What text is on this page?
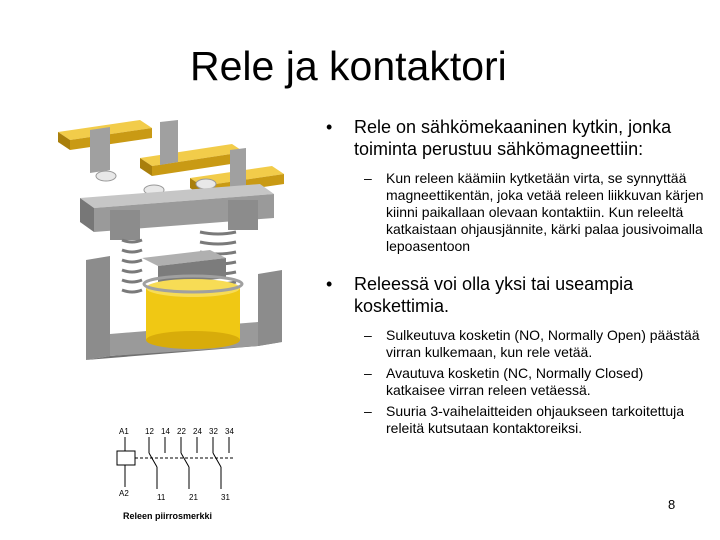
Rele ja kontaktori
A1
A2
12 14 22 24 32 34
11	21	31
Releen piirrosmerkki
• Rele on sähkömekaaninen kytkin, jonka toiminta perustuu sähkömagneettiin:
– Kun releen käämiin kytketään virta, se synnyttää magneettikentän, joka vetää releen liikkuvan kärjen kiinni paikallaan olevaan kontaktiin. Kun releeltä katkaistaan ohjausjännite, kärki palaa jousivoimalla lepoasentoon
• Releessä voi olla yksi tai useampia koskettimia.
– Sulkeutuva kosketin (NO, Normally Open) päästää virran kulkemaan, kun rele vetää.
– Avautuva kosketin (NC, Normally Closed) katkaisee virran releen vetäessä.
– Suuria 3-vaihelaitteiden ohjaukseen tarkoitettuja releitä kutsutaan kontaktoreiksi.
8
